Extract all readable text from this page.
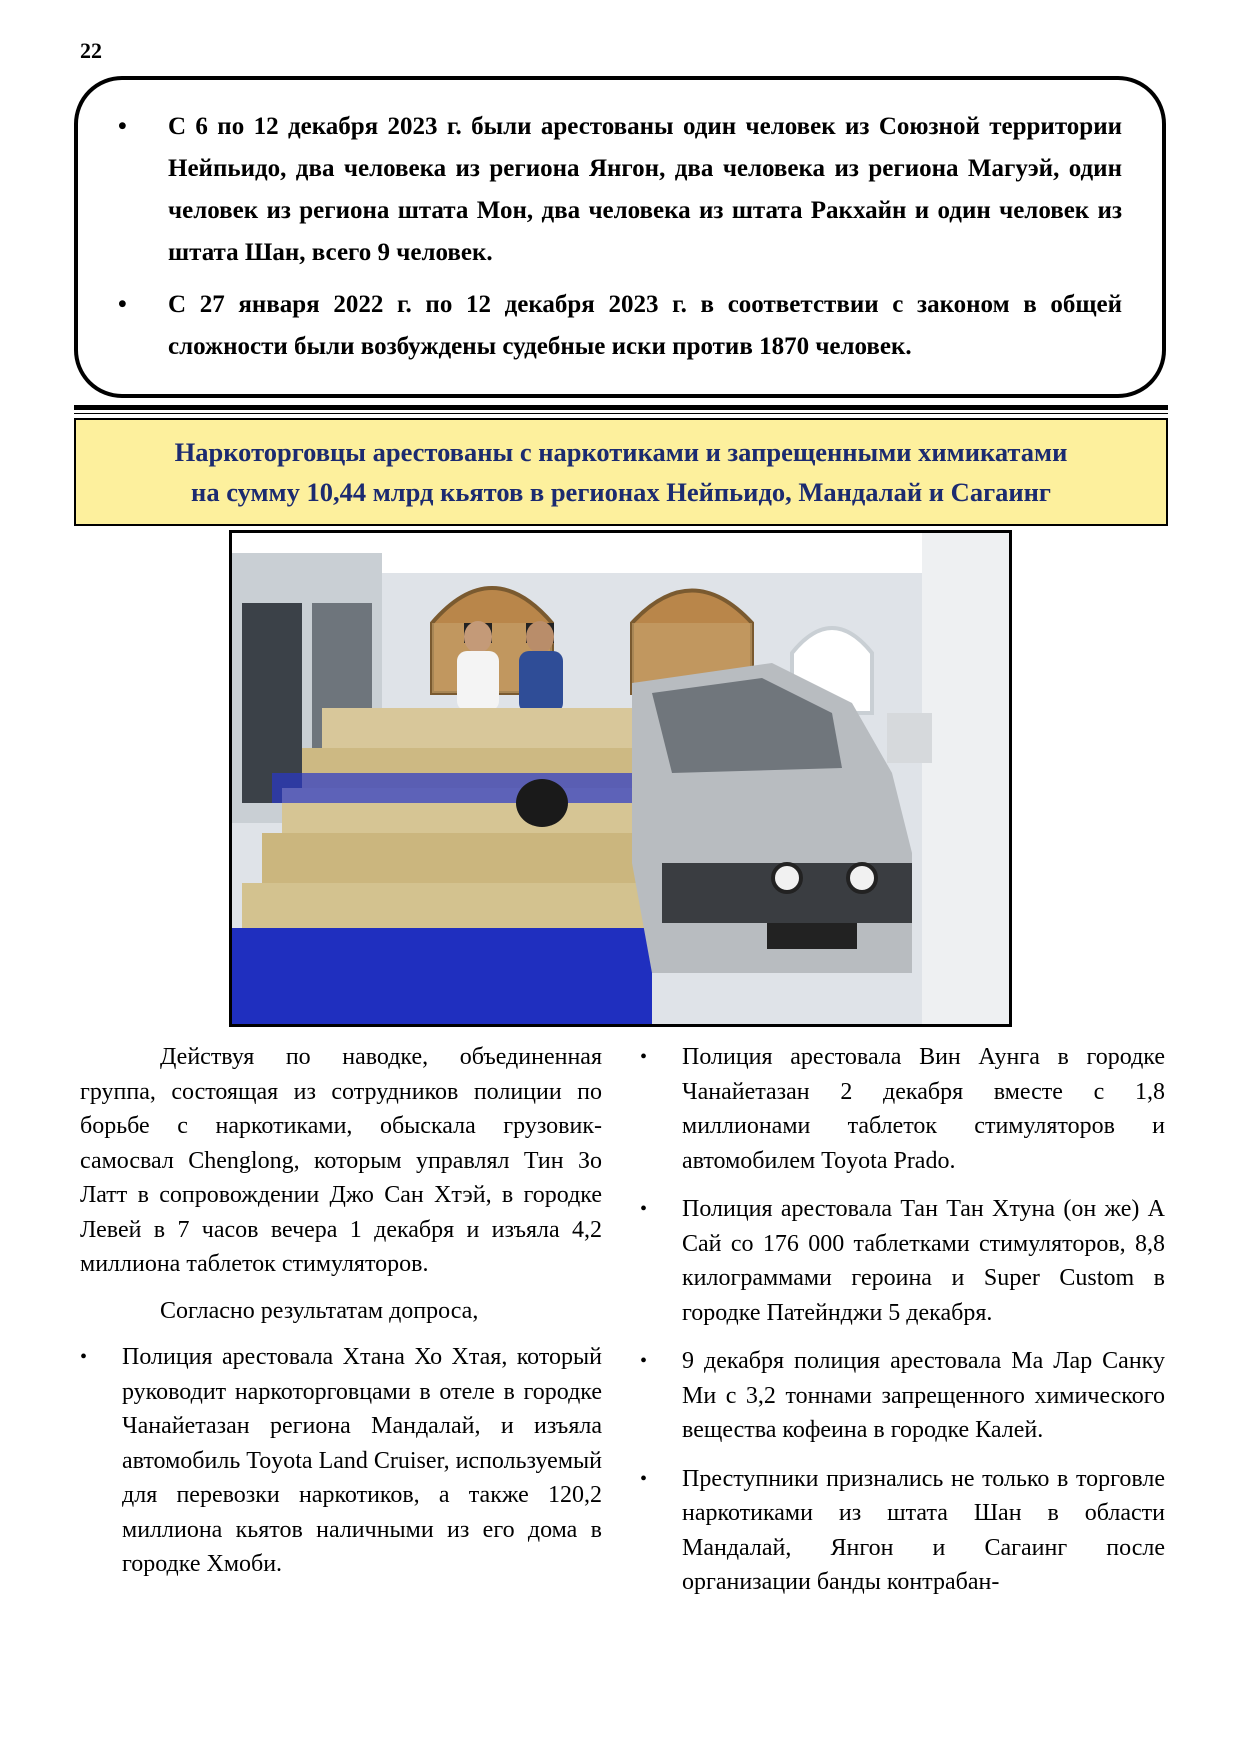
22
• С 6 по 12 декабря 2023 г. были арестованы один человек из Союзной территории Нейпьидо, два человека из региона Янгон, два человека из региона Магуэй, один человек из региона штата Мон, два человека из штата Ракхайн и один человек из штата Шан, всего 9 человек.
• С 27 января 2022 г. по 12 декабря 2023 г. в соответствии с законом в общей сложности были возбуждены судебные иски против 1870 человек.
Наркоторговцы арестованы с наркотиками и запрещенными химикатами
на сумму 10,44 млрд кьятов в регионах Нейпьидо, Мандалай и Сагаинг

Действуя по наводке, объединенная группа, состоящая из сотрудников полиции по борьбе с наркотиками, обыскала грузовик-самосвал Chenglong, которым управлял Тин Зо Латт в сопровождении Джо Сан Хтэй, в городке Левей в 7 часов вечера 1 декабря и изъяла 4,2 миллиона таблеток стимуляторов.

Согласно результатам допроса,

• Полиция арестовала Хтана Хо Хтая, который руководит наркоторговцами в отеле в городке Чанайетазан региона Мандалай, и изъяла автомобиль Toyota Land Cruiser, используемый для перевозки наркотиков, а также 120,2 миллиона кьятов наличными из его дома в городке Хмоби.
• Полиция арестовала Вин Аунга в городке Чанайетазан 2 декабря вместе с 1,8 миллионами таблеток стимуляторов и автомобилем Toyota Prado.
• Полиция арестовала Тан Тан Хтуна (он же) А Сай со 176 000 таблетками стимуляторов, 8,8 килограммами героина и Super Custom в городке Патейнджи 5 декабря.
• 9 декабря полиция арестовала Ма Лар Санку Ми с 3,2 тоннами запрещенного химического вещества кофеина в городке Калей.
• Преступники признались не только в торговле наркотиками из штата Шан в области Мандалай, Янгон и Сагаинг после организации банды контрабан-
